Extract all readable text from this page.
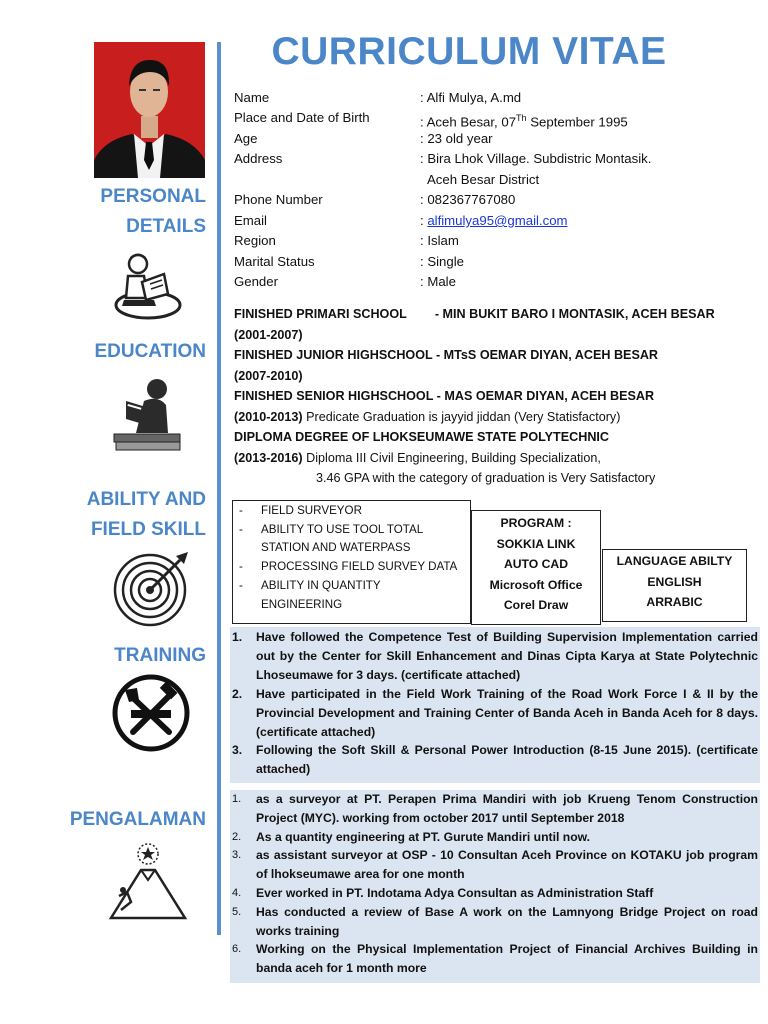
CURRICULUM VITAE
PERSONAL
DETAILS
EDUCATION
ABILITY AND
FIELD SKILL
TRAINING
PENGALAMAN
Name	: Alfi Mulya, A.md
Place and Date of Birth	: Aceh Besar, 07Th September 1995
Age	: 23 old year
Address	: Bira Lhok Village. Subdistric Montasik.
Aceh Besar District
Phone Number	: 082367767080
Email	: alfimulya95@gmail.com
Region	: Islam
Marital Status	: Single
Gender	: Male
FINISHED PRIMARI SCHOOL - MIN BUKIT BARO I MONTASIK, ACEH BESAR
(2001-2007)
FINISHED JUNIOR HIGHSCHOOL - MTsS OEMAR DIYAN, ACEH BESAR
(2007-2010)
FINISHED SENIOR HIGHSCHOOL - MAS OEMAR DIYAN, ACEH BESAR
(2010-2013) Predicate Graduation is jayyid jiddan (Very Statisfactory)
DIPLOMA DEGREE OF LHOKSEUMAWE STATE POLYTECHNIC
(2013-2016) Diploma III Civil Engineering, Building Specialization,
3.46 GPA with the category of graduation is Very Satisfactory
- FIELD SURVEYOR
- ABILITY TO USE TOOL TOTAL
STATION AND WATERPASS
- PROCESSING FIELD SURVEY DATA
- ABILITY IN QUANTITY
ENGINEERING
PROGRAM :
SOKKIA LINK
AUTO CAD
Microsoft Office
Corel Draw
LANGUAGE ABILTY
ENGLISH
ARRABIC
1. Have followed the Competence Test of Building Supervision Implementation carried out by the Center for Skill Enhancement and Dinas Cipta Karya at State Polytechnic Lhoseumawe for 3 days. (certificate attached)
2. Have participated in the Field Work Training of the Road Work Force I & II by the Provincial Development and Training Center of Banda Aceh in Banda Aceh for 8 days. (certificate attached)
3. Following the Soft Skill & Personal Power Introduction (8-15 June 2015). (certificate attached)
1. as a surveyor at PT. Perapen Prima Mandiri with job Krueng Tenom Construction Project (MYC). working from october 2017 until September 2018
2. As a quantity engineering at PT. Gurute Mandiri until now.
3. as assistant surveyor at OSP - 10 Consultan Aceh Province on KOTAKU job program of lhokseumawe area for one month
4. Ever worked in PT. Indotama Adya Consultan as Administration Staff
5. Has conducted a review of Base A work on the Lamnyong Bridge Project on road works training
6. Working on the Physical Implementation Project of Financial Archives Building in banda aceh for 1 month more
